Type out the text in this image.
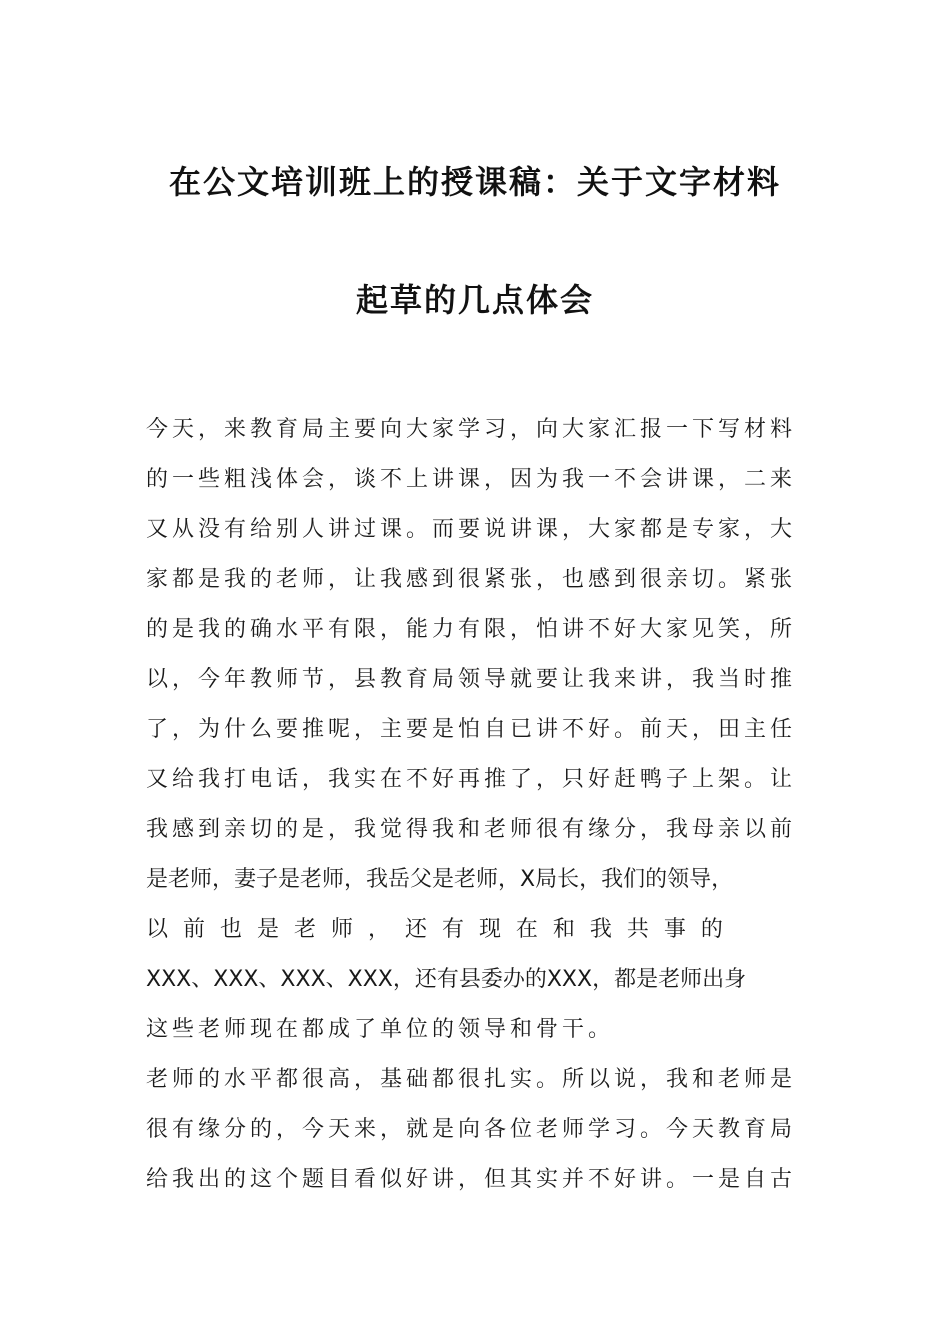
在公文培训班上的授课稿：关于文字材料
起草的几点体会
今天，来教育局主要向大家学习，向大家汇报一下写材料
的一些粗浅体会，谈不上讲课，因为我一不会讲课，二来
又从没有给别人讲过课。而要说讲课，大家都是专家，大
家都是我的老师，让我感到很紧张，也感到很亲切。紧张
的是我的确水平有限，能力有限，怕讲不好大家见笑，所
以，今年教师节，县教育局领导就要让我来讲，我当时推
了，为什么要推呢，主要是怕自已讲不好。前天，田主任
又给我打电话，我实在不好再推了，只好赶鸭子上架。让
我感到亲切的是，我觉得我和老师很有缘分，我母亲以前
是老师，妻子是老师，我岳父是老师，X局长，我们的领导，
以 前 也 是 老 师 ， 还 有 现 在 和 我 共 事 的
XXX、XXX、XXX、XXX，还有县委办的XXX，都是老师出身
这些老师现在都成了单位的领导和骨干。
老师的水平都很高，基础都很扎实。所以说，我和老师是
很有缘分的，今天来，就是向各位老师学习。今天教育局
给我出的这个题目看似好讲，但其实并不好讲。一是自古
